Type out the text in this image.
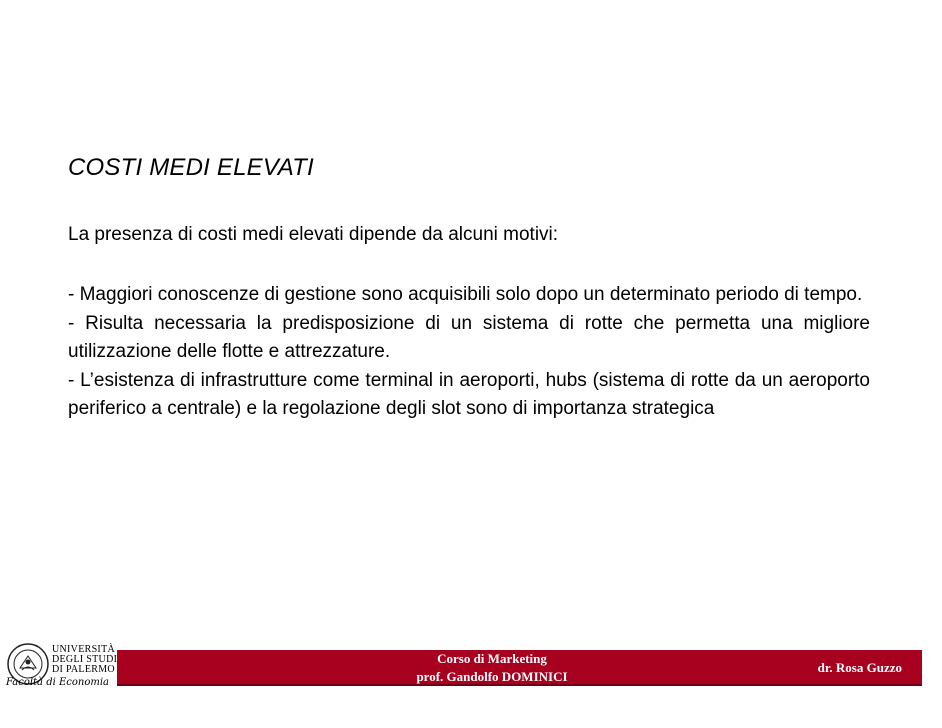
COSTI MEDI ELEVATI
La presenza di costi medi elevati dipende da alcuni motivi:

- Maggiori conoscenze di gestione sono acquisibili solo dopo un determinato periodo di tempo.

- Risulta necessaria la predisposizione di un sistema di rotte che permetta una migliore utilizzazione delle flotte e attrezzature.

- L’esistenza di infrastrutture come terminal in aeroporti, hubs (sistema di rotte da un aeroporto periferico a centrale) e la regolazione degli slot sono di importanza strategica

UNIVERSITÀ
DEGLI STUDI
DI PALERMO
Facoltà di Economia
Corso di Marketing
prof. Gandolfo DOMINICI
dr. Rosa Guzzo
